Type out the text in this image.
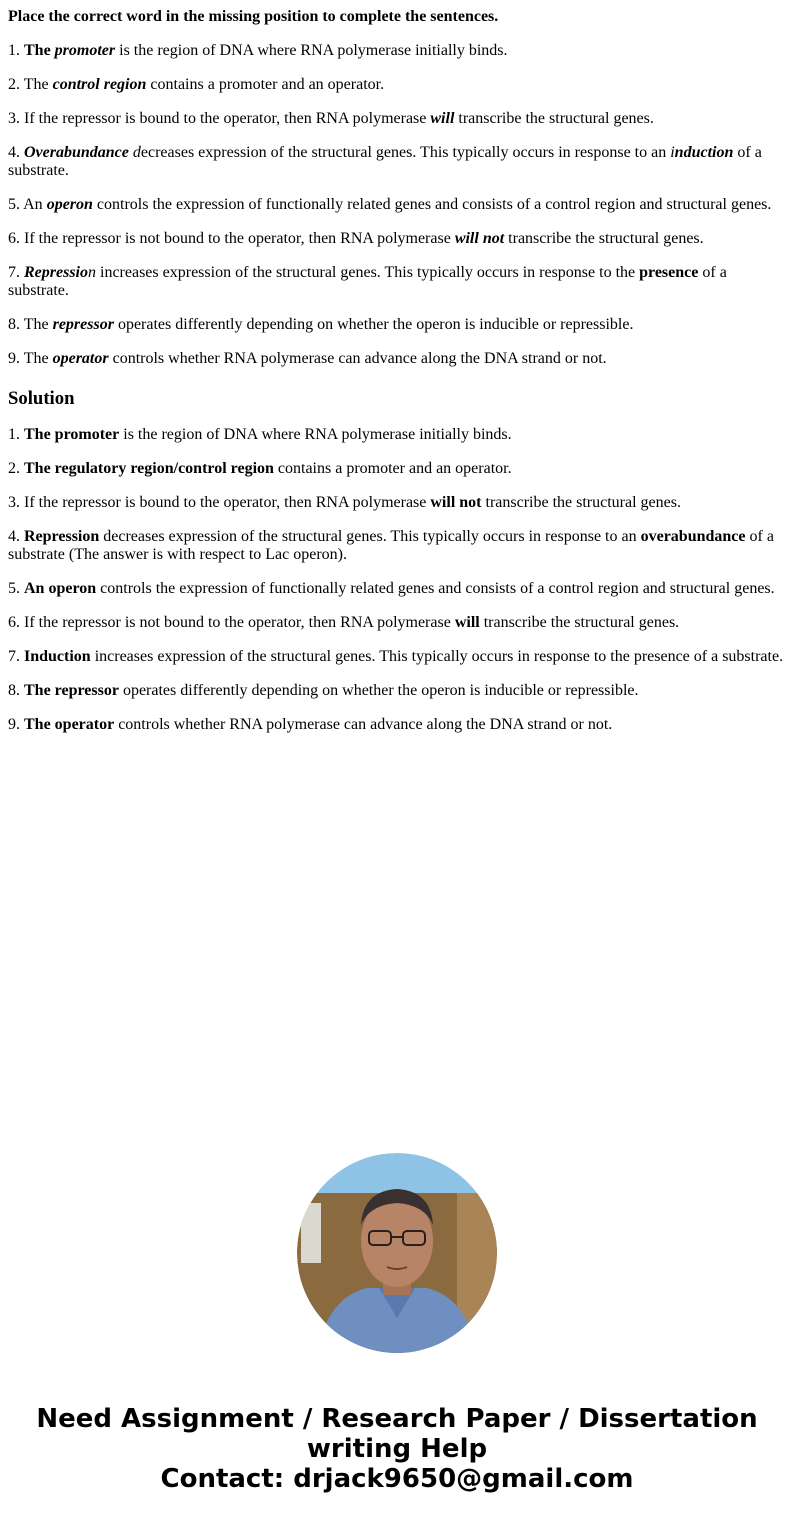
Place the correct word in the missing position to complete the sentences.

1. The promoter is the region of DNA where RNA polymerase initially binds.

2. The control region contains a promoter and an operator.

3. If the repressor is bound to the operator, then RNA polymerase will transcribe the structural genes.

4. Overabundance decreases expression of the structural genes. This typically occurs in response to an induction of a substrate.

5. An operon controls the expression of functionally related genes and consists of a control region and structural genes.

6. If the repressor is not bound to the operator, then RNA polymerase will not transcribe the structural genes.

7. Repression increases expression of the structural genes. This typically occurs in response to the presence of a substrate.

8. The repressor operates differently depending on whether the operon is inducible or repressible.

9. The operator controls whether RNA polymerase can advance along the DNA strand or not.

Solution

1. The promoter is the region of DNA where RNA polymerase initially binds.

2. The regulatory region/control region contains a promoter and an operator.

3. If the repressor is bound to the operator, then RNA polymerase will not transcribe the structural genes.

4. Repression decreases expression of the structural genes. This typically occurs in response to an overabundance of a substrate (The answer is with respect to Lac operon).

5. An operon controls the expression of functionally related genes and consists of a control region and structural genes.

6. If the repressor is not bound to the operator, then RNA polymerase will transcribe the structural genes.

7. Induction increases expression of the structural genes. This typically occurs in response to the presence of a substrate.

8. The repressor operates differently depending on whether the operon is inducible or repressible.

9. The operator controls whether RNA polymerase can advance along the DNA strand or not.

Need Assignment / Research Paper / Dissertation writing Help
Contact: drjack9650@gmail.com
